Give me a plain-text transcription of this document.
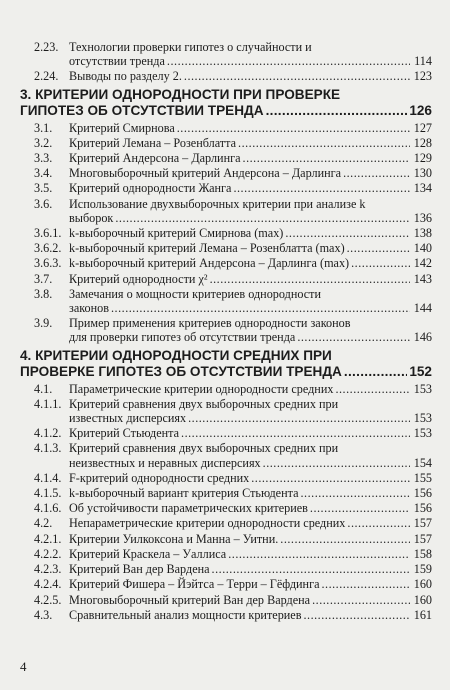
2.23. Технологии проверки гипотез о случайности и
отсутствии тренда .....	114
2.24. Выводы по разделу 2. .....	123
3. КРИТЕРИИ ОДНОРОДНОСТИ ПРИ ПРОВЕРКЕ
ГИПОТЕЗ ОБ ОТСУТСТВИИ ТРЕНДА .....	126
3.1.	Критерий Смирнова .....	127
3.2.	Критерий Лемана – Розенблатта .....	128
3.3.	Критерий Андерсона – Дарлинга .....	129
3.4.	Многовыборочный критерий Андерсона – Дарлинга .....	130
3.5.	Критерий однородности Жанга .....	134
3.6.	Использование двухвыборочных критерии при анализе k
выборок .....	136
3.6.1. k-выборочный критерий Смирнова (max) .....	138
3.6.2. k-выборочный критерий Лемана – Розенблатта (max) .....	140
3.6.3. k-выборочный критерий Андерсона – Дарлинга (max) .....	142
3.7.	Критерий однородности χ² .....	143
3.8.	Замечания о мощности критериев однородности
законов .....	144
3.9.	Пример применения критериев однородности законов
для проверки гипотез об отсутствии тренда .....	146
4. КРИТЕРИИ ОДНОРОДНОСТИ СРЕДНИХ ПРИ
ПРОВЕРКЕ ГИПОТЕЗ ОБ ОТСУТСТВИИ ТРЕНДА .....	152
4.1.	Параметрические критерии однородности средних .....	153
4.1.1. Критерий сравнения двух выборочных средних при
известных дисперсиях .....	153
4.1.2. Критерий Стьюдента .....	153
4.1.3. Критерий сравнения двух выборочных средних при
неизвестных и неравных дисперсиях .....	154
4.1.4. F-критерий однородности средних .....	155
4.1.5. k-выборочный вариант критерия Стьюдента .....	156
4.1.6. Об устойчивости параметрических критериев .....	156
4.2.	Непараметрические критерии однородности средних .....	157
4.2.1. Критерии Уилкоксона и Манна – Уитни. .....	157
4.2.2. Критерий Краскела – Уаллиса .....	158
4.2.3. Критерий Ван дер Вардена .....	159
4.2.4. Критерий Фишера – Йэйтса – Терри – Гёфдинга .....	160
4.2.5. Многовыборочный критерий Ван дер Вардена .....	160
4.3.	Сравнительный анализ мощности критериев .....	161
4
